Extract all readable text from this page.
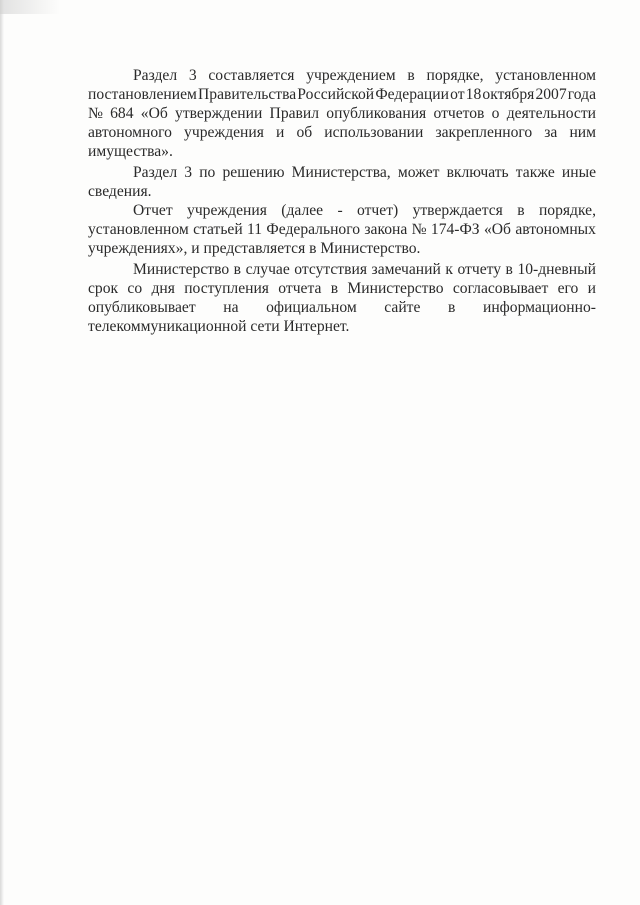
Раздел 3 составляется учреждением в порядке, установленном
постановлением Правительства Российской Федерации от 18 октября 2007 года
№ 684 «Об утверждении Правил опубликования отчетов о деятельности
автономного учреждения и об использовании закрепленного за ним
имущества».
Раздел 3 по решению Министерства, может включать также иные
сведения.
Отчет учреждения (далее - отчет) утверждается в порядке,
установленном статьей 11 Федерального закона № 174-ФЗ «Об автономных
учреждениях», и представляется в Министерство.
Министерство в случае отсутствия замечаний к отчету в 10-дневный
срок со дня поступления отчета в Министерство согласовывает его и
опубликовывает на официальном сайте в информационно-
телекоммуникационной сети Интернет.
